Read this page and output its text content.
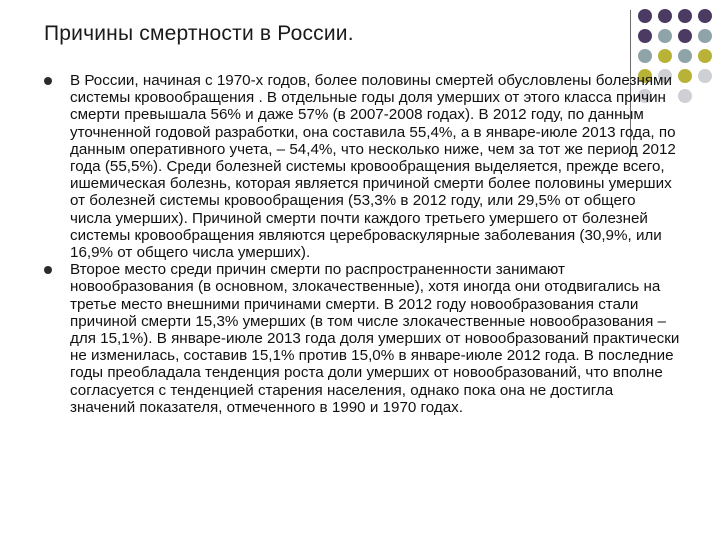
Причины смертности в России.
В России, начиная с 1970-х годов, более половины смертей обусловлены болезнями системы кровообращения . В отдельные годы доля умерших от этого класса причин смерти превышала 56% и даже 57% (в 2007-2008 годах). В 2012 году, по данным уточненной годовой разработки, она составила 55,4%, а в январе-июле 2013 года, по данным оперативного учета, – 54,4%, что несколько ниже, чем за тот же период 2012 года (55,5%). Среди болезней системы кровообращения выделяется, прежде всего, ишемическая болезнь, которая является причиной смерти более половины умерших от болезней системы кровообращения (53,3% в 2012 году, или 29,5% от общего числа умерших). Причиной смерти почти каждого третьего умершего от болезней системы кровообращения являются цереброваскулярные заболевания (30,9%, или 16,9% от общего числа умерших).
Второе место среди причин смерти по распространенности занимают новообразования (в основном, злокачественные), хотя иногда они отодвигались на третье место внешними причинами смерти. В 2012 году новообразования стали причиной смерти 15,3% умерших (в том числе злокачественные новообразования – для 15,1%). В январе-июле 2013 года доля умерших от новообразований практически не изменилась, составив 15,1% против 15,0% в январе-июле 2012 года. В последние годы преобладала тенденция роста доли умерших от новообразований, что вполне согласуется с тенденцией старения населения, однако пока она не достигла значений показателя, отмеченного в 1990 и 1970 годах.
